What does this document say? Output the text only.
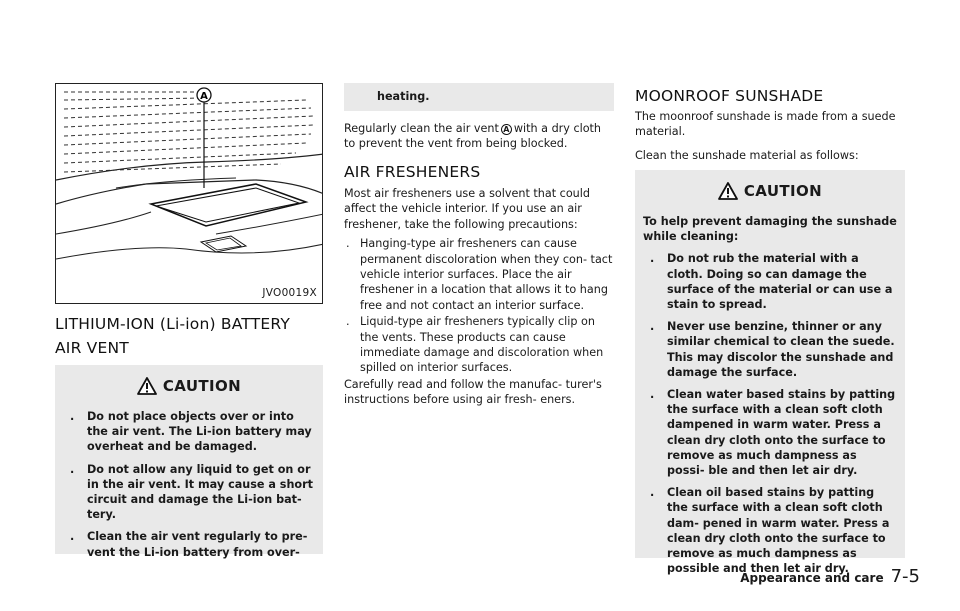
A
JVO0019X
LITHIUM-ION (Li-ion) BATTERY
AIR VENT
CAUTION
. Do not place objects over or into the air vent. The Li-ion battery may overheat and be damaged.
. Do not allow any liquid to get on or in the air vent. It may cause a short circuit and damage the Li-ion bat- tery.
. Clean the air vent regularly to pre- vent the Li-ion battery from over-
heating.
Regularly clean the air vent A with a dry cloth to prevent the vent from being blocked.
AIR FRESHENERS
Most air fresheners use a solvent that could affect the vehicle interior. If you use an air freshener, take the following precautions:
. Hanging-type air fresheners can cause permanent discoloration when they con- tact vehicle interior surfaces. Place the air freshener in a location that allows it to hang free and not contact an interior surface.
. Liquid-type air fresheners typically clip on the vents. These products can cause immediate damage and discoloration when spilled on interior surfaces.
Carefully read and follow the manufac- turer's instructions before using air fresh- eners.
MOONROOF SUNSHADE
The moonroof sunshade is made from a suede material.
Clean the sunshade material as follows:
CAUTION
To help prevent damaging the sunshade while cleaning:
. Do not rub the material with a cloth. Doing so can damage the surface of the material or can use a stain to spread.
. Never use benzine, thinner or any similar chemical to clean the suede. This may discolor the sunshade and damage the surface.
. Clean water based stains by patting the surface with a clean soft cloth dampened in warm water. Press a clean dry cloth onto the surface to remove as much dampness as possi- ble and then let air dry.
. Clean oil based stains by patting the surface with a clean soft cloth dam- pened in warm water. Press a clean dry cloth onto the surface to remove as much dampness as possible and then let air dry.
Appearance and care 7-5
